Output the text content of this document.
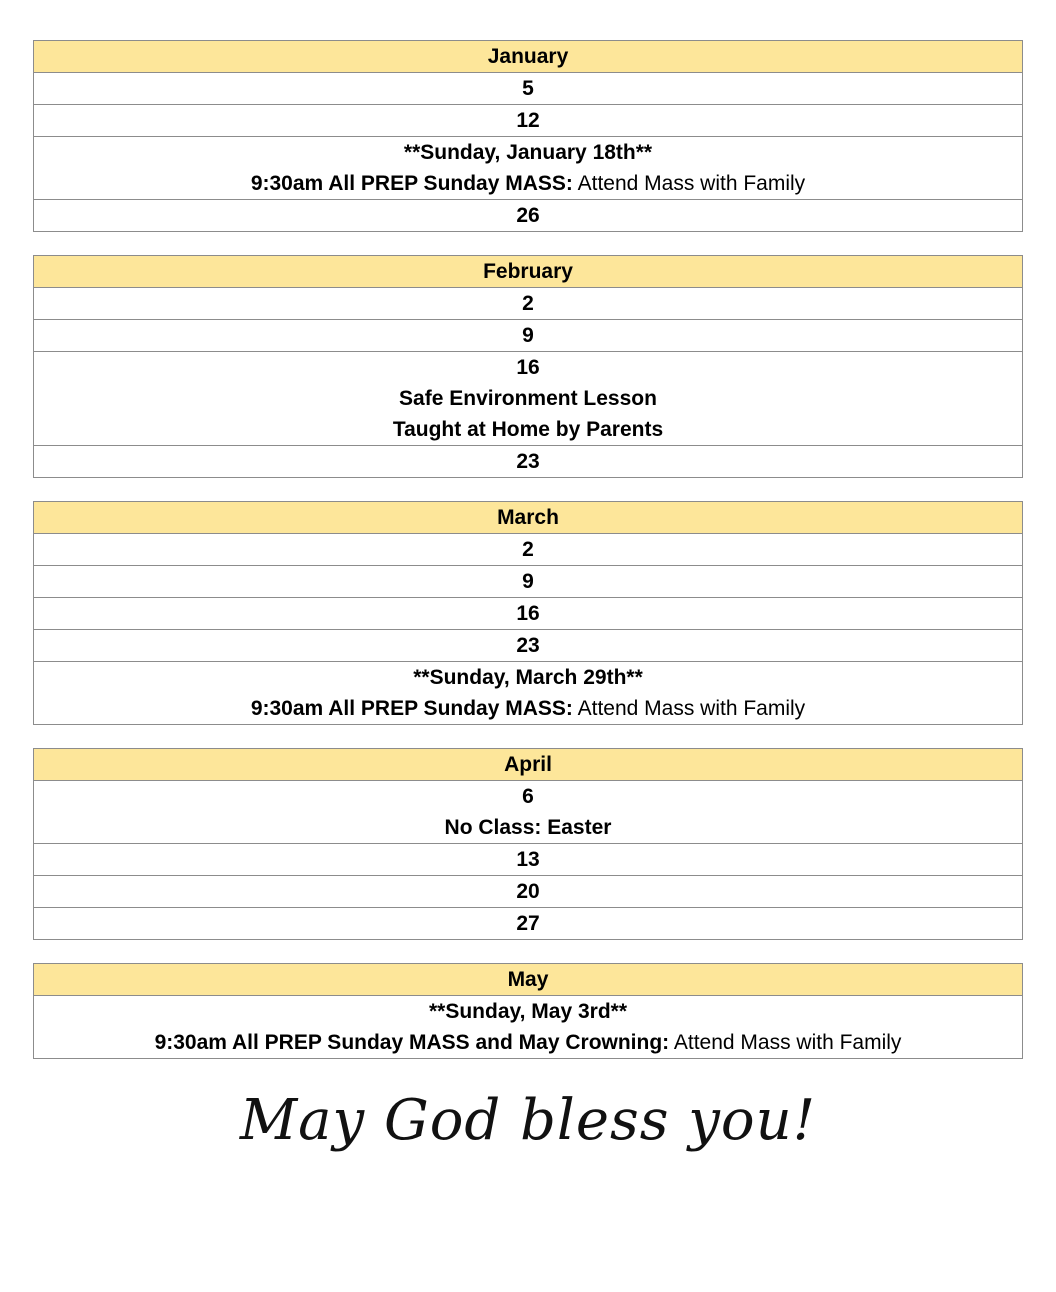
January
5
12

**Sunday, January 18th**
9:30am All PREP Sunday MASS: Attend Mass with Family

26
February
2
9

16
Safe Environment Lesson
Taught at Home by Parents

23
March
2
9
16
23

**Sunday, March 29th**
9:30am All PREP Sunday MASS: Attend Mass with Family
April

6
No Class: Easter

13
20
27
May

**Sunday, May 3rd**
9:30am All PREP Sunday MASS and May Crowning: Attend Mass with Family
May God bless you!
